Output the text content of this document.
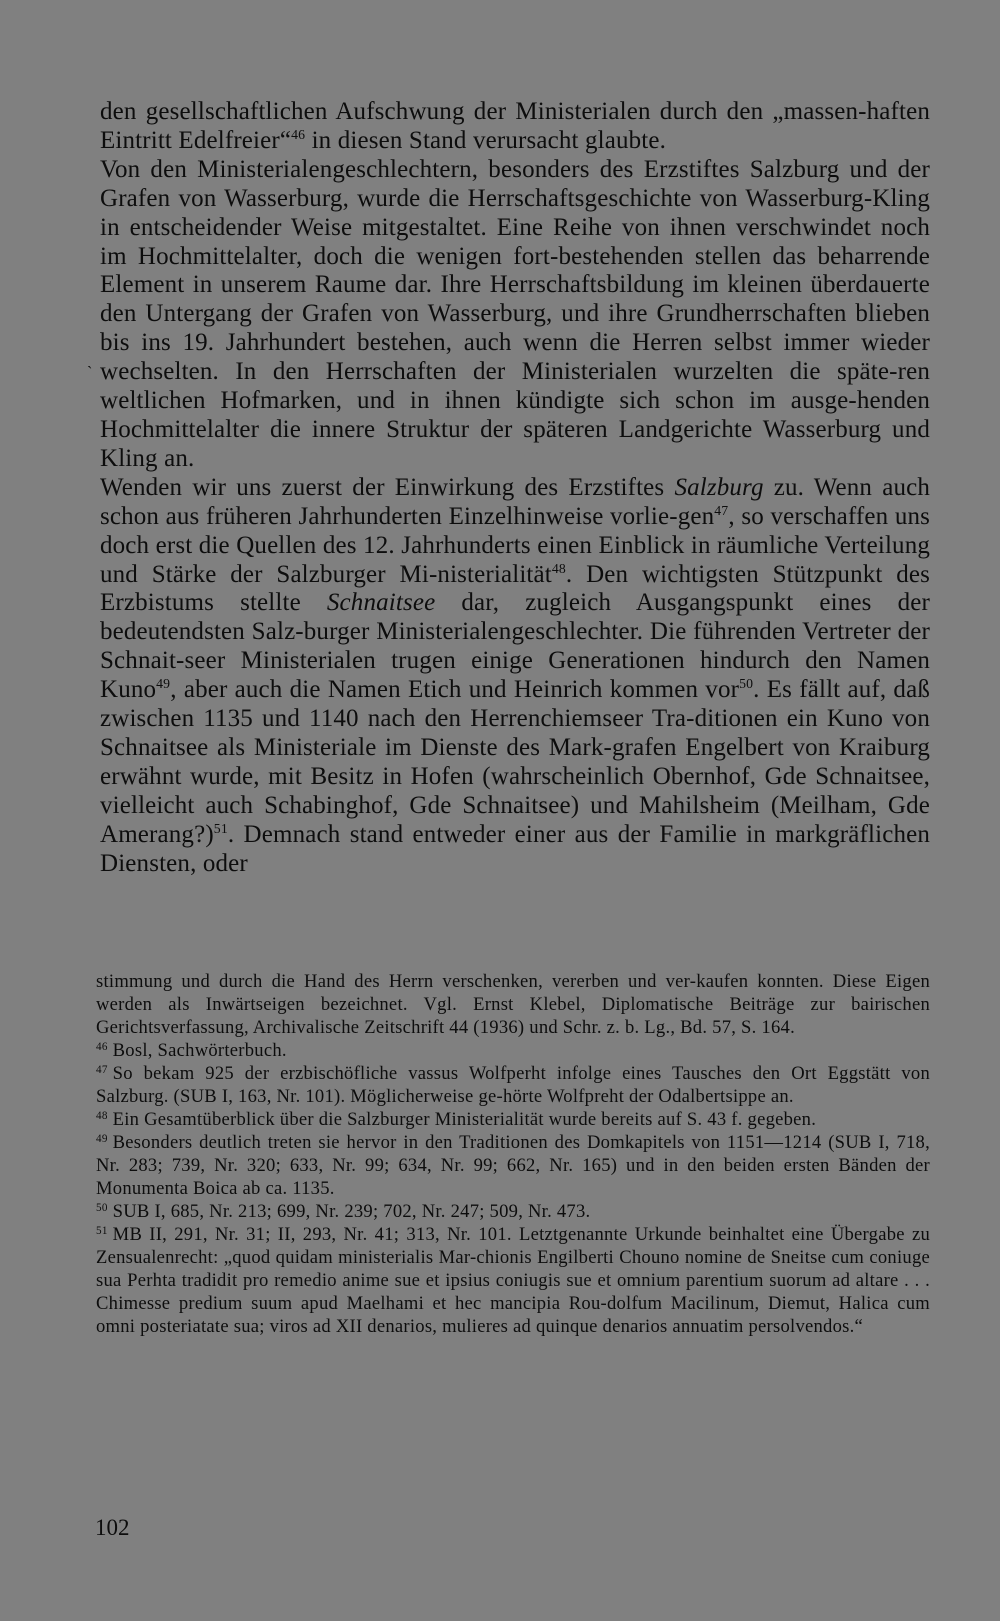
`

den gesellschaftlichen Aufschwung der Ministerialen durch den „massen-haften Eintritt Edelfreier“$^{46}$ in diesen Stand verursacht glaubte.

Von den Ministerialengeschlechtern, besonders des Erzstiftes Salzburg und der Grafen von Wasserburg, wurde die Herrschaftsgeschichte von Wasserburg-Kling in entscheidender Weise mitgestaltet. Eine Reihe von ihnen verschwindet noch im Hochmittelalter, doch die wenigen fort-bestehenden stellen das beharrende Element in unserem Raume dar. Ihre Herrschaftsbildung im kleinen überdauerte den Untergang der Grafen von Wasserburg, und ihre Grundherrschaften blieben bis ins 19. Jahrhundert bestehen, auch wenn die Herren selbst immer wieder wechselten. In den Herrschaften der Ministerialen wurzelten die späte-ren weltlichen Hofmarken, und in ihnen kündigte sich schon im ausge-henden Hochmittelalter die innere Struktur der späteren Landgerichte Wasserburg und Kling an.

Wenden wir uns zuerst der Einwirkung des Erzstiftes Salzburg zu. Wenn auch schon aus früheren Jahrhunderten Einzelhinweise vorlie-gen$^{47}$, so verschaffen uns doch erst die Quellen des 12. Jahrhunderts einen Einblick in räumliche Verteilung und Stärke der Salzburger Mi-nisterialität$^{48}$. Den wichtigsten Stützpunkt des Erzbistums stellte Schnaitsee dar, zugleich Ausgangspunkt eines der bedeutendsten Salz-burger Ministerialengeschlechter. Die führenden Vertreter der Schnait-seer Ministerialen trugen einige Generationen hindurch den Namen Kuno$^{49}$, aber auch die Namen Etich und Heinrich kommen vor$^{50}$. Es fällt auf, daß zwischen 1135 und 1140 nach den Herrenchiemseer Tra-ditionen ein Kuno von Schnaitsee als Ministeriale im Dienste des Mark-grafen Engelbert von Kraiburg erwähnt wurde, mit Besitz in Hofen (wahrscheinlich Obernhof, Gde Schnaitsee, vielleicht auch Schabinghof, Gde Schnaitsee) und Mahilsheim (Meilham, Gde Amerang?)$^{51}$. Demnach stand entweder einer aus der Familie in markgräflichen Diensten, oder

stimmung und durch die Hand des Herrn verschenken, vererben und ver-kaufen konnten. Diese Eigen werden als Inwärtseigen bezeichnet. Vgl. Ernst Klebel, Diplomatische Beiträge zur bairischen Gerichtsverfassung, Archivalische Zeitschrift 44 (1936) und Schr. z. b. Lg., Bd. 57, S. 164.

$^{46}$ Bosl, Sachwörterbuch.

$^{47}$ So bekam 925 der erzbischöfliche vassus Wolfperht infolge eines Tausches den Ort Eggstätt von Salzburg. (SUB I, 163, Nr. 101). Möglicherweise ge-hörte Wolfpreht der Odalbertsippe an.

$^{48}$ Ein Gesamtüberblick über die Salzburger Ministerialität wurde bereits auf S. 43 f. gegeben.

$^{49}$ Besonders deutlich treten sie hervor in den Traditionen des Domkapitels von 1151—1214 (SUB I, 718, Nr. 283; 739, Nr. 320; 633, Nr. 99; 634, Nr. 99; 662, Nr. 165) und in den beiden ersten Bänden der Monumenta Boica ab ca. 1135.

$^{50}$ SUB I, 685, Nr. 213; 699, Nr. 239; 702, Nr. 247; 509, Nr. 473.

$^{51}$ MB II, 291, Nr. 31; II, 293, Nr. 41; 313, Nr. 101. Letztgenannte Urkunde beinhaltet eine Übergabe zu Zensualenrecht: „quod quidam ministerialis Mar-chionis Engilberti Chouno nomine de Sneitse cum coniuge sua Perhta tradidit pro remedio anime sue et ipsius coniugis sue et omnium parentium suorum ad altare . . . Chimesse predium suum apud Maelhami et hec mancipia Rou-dolfum Macilinum, Diemut, Halica cum omni posteriatate sua; viros ad XII denarios, mulieres ad quinque denarios annuatim persolvendos.“

102
